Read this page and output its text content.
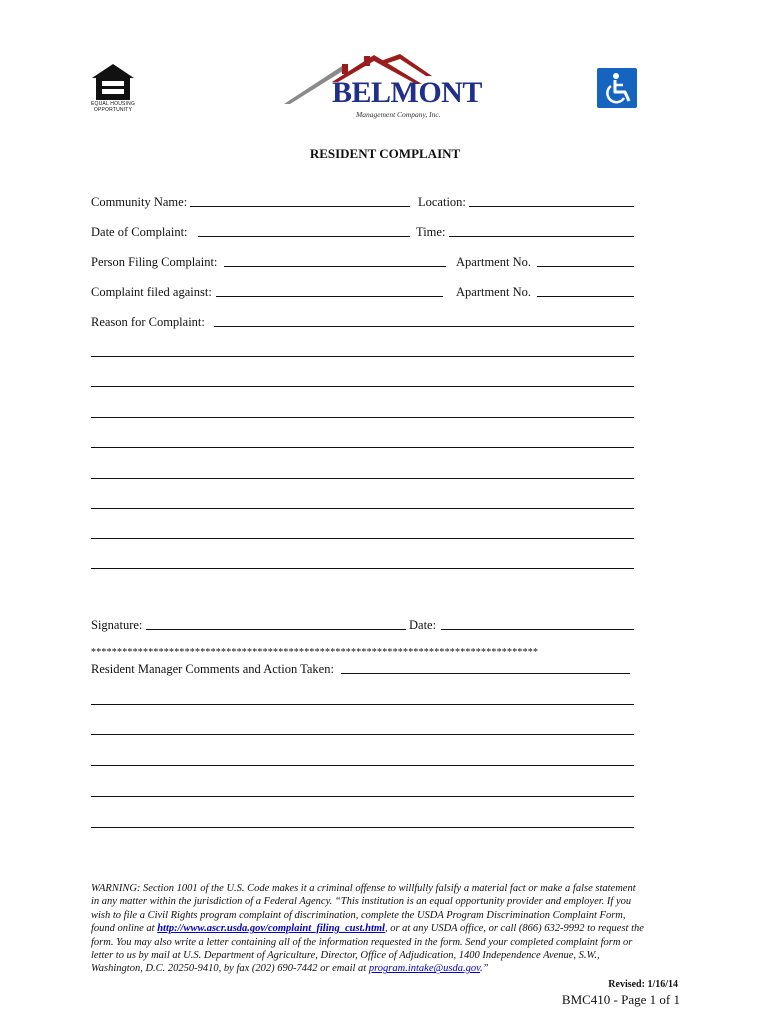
EQUAL HOUSING OPPORTUNITY
BELMONT
Management Company, Inc.
RESIDENT COMPLAINT
Community Name:	Location:
Date of Complaint:	Time:
Person Filing Complaint:	Apartment No.
Complaint filed against:	Apartment No.
Reason for Complaint:
Signature:	Date:
**************************************************************************************
Resident Manager Comments and Action Taken:
WARNING: Section 1001 of the U.S. Code makes it a criminal offense to willfully falsify a material fact or make a false statement in any matter within the jurisdiction of a Federal Agency. “This institution is an equal opportunity provider and employer. If you wish to file a Civil Rights program complaint of discrimination, complete the USDA Program Discrimination Complaint Form, found online at http://www.ascr.usda.gov/complaint_filing_cust.html, or at any USDA office, or call (866) 632-9992 to request the form. You may also write a letter containing all of the information requested in the form. Send your completed complaint form or letter to us by mail at U.S. Department of Agriculture, Director, Office of Adjudication, 1400 Independence Avenue, S.W., Washington, D.C. 20250-9410, by fax (202) 690-7442 or email at program.intake@usda.gov.”
Revised: 1/16/14
BMC410 - Page 1 of 1
